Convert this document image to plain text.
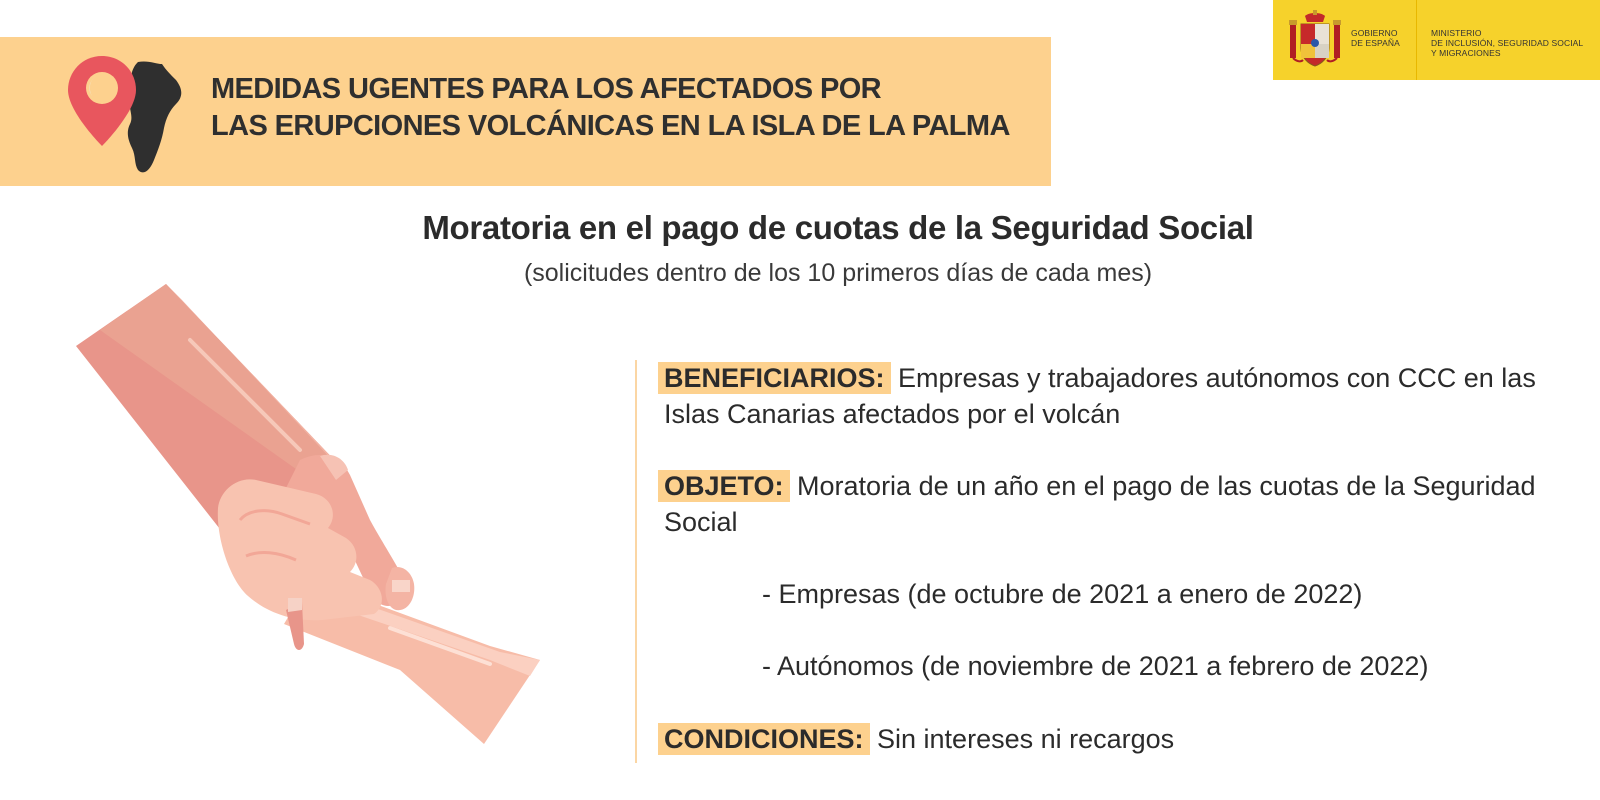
MEDIDAS UGENTES PARA LOS AFECTADOS POR
LAS ERUPCIONES VOLCÁNICAS EN LA ISLA DE LA PALMA
GOBIERNO
DE ESPAÑA
MINISTERIO
DE INCLUSIÓN, SEGURIDAD SOCIAL
Y MIGRACIONES
Moratoria en el pago de cuotas de la Seguridad Social

(solicitudes dentro de los 10 primeros días de cada mes)

BENEFICIARIOS: Empresas y trabajadores autónomos con CCC en las Islas Canarias afectados por el volcán

OBJETO: Moratoria de un año en el pago de las cuotas de la Seguridad Social

- Empresas (de octubre de 2021 a enero de 2022)
- Autónomos (de noviembre de 2021 a febrero de 2022)

CONDICIONES: Sin intereses ni recargos
